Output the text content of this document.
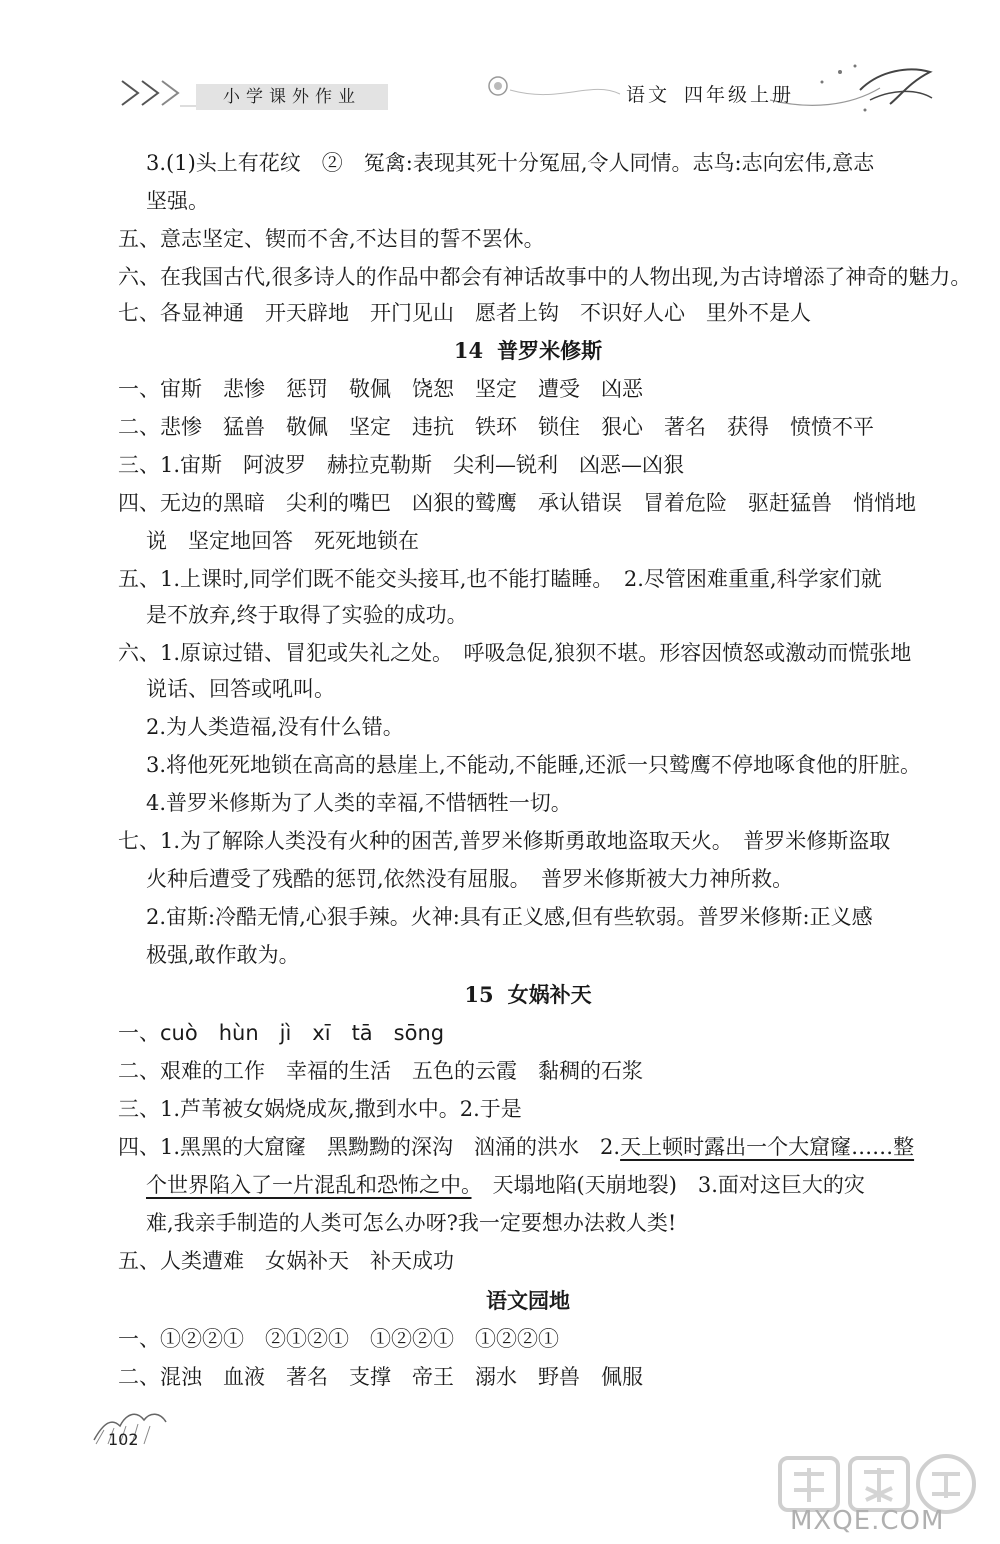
小学课外作业	语文 四年级上册
3.(1)头上有花纹　②　冤禽:表现其死十分冤屈,令人同情。志鸟:志向宏伟,意志
坚强。
五、意志坚定、锲而不舍,不达目的誓不罢休。
六、在我国古代,很多诗人的作品中都会有神话故事中的人物出现,为古诗增添了神奇的魅力。
七、各显神通　开天辟地　开门见山　愿者上钩　不识好人心　里外不是人
14 普罗米修斯
一、宙斯　悲惨　惩罚　敬佩　饶恕　坚定　遭受　凶恶
二、悲惨　猛兽　敬佩　坚定　违抗　铁环　锁住　狠心　著名　获得　愤愤不平
三、1.宙斯　阿波罗　赫拉克勒斯　尖利—锐利　凶恶—凶狠
四、无边的黑暗　尖利的嘴巴　凶狠的鹫鹰　承认错误　冒着危险　驱赶猛兽　悄悄地
说　坚定地回答　死死地锁在
五、1.上课时,同学们既不能交头接耳,也不能打瞌睡。　2.尽管困难重重,科学家们就
是不放弃,终于取得了实验的成功。
六、1.原谅过错、冒犯或失礼之处。　呼吸急促,狼狈不堪。形容因愤怒或激动而慌张地
说话、回答或吼叫。
2.为人类造福,没有什么错。
3.将他死死地锁在高高的悬崖上,不能动,不能睡,还派一只鹫鹰不停地啄食他的肝脏。
4.普罗米修斯为了人类的幸福,不惜牺牲一切。
七、1.为了解除人类没有火种的困苦,普罗米修斯勇敢地盗取天火。　普罗米修斯盗取
火种后遭受了残酷的惩罚,依然没有屈服。　普罗米修斯被大力神所救。
2.宙斯:冷酷无情,心狠手辣。火神:具有正义感,但有些软弱。普罗米修斯:正义感
极强,敢作敢为。
15 女娲补天
一、cuò　hùn　jì　xī　tā　sōng
二、艰难的工作　幸福的生活　五色的云霞　黏稠的石浆
三、1.芦苇被女娲烧成灰,撒到水中。2.于是
四、1.黑黑的大窟窿　黑黝黝的深沟　汹涌的洪水　2.天上顿时露出一个大窟窿……整
个世界陷入了一片混乱和恐怖之中。　天塌地陷(天崩地裂)　3.面对这巨大的灾
难,我亲手制造的人类可怎么办呀?我一定要想办法救人类!
五、人类遭难　女娲补天　补天成功
语文园地
一、①②②①　②①②①　①②②①　①②②①
二、混浊　血液　著名　支撑　帝王　溺水　野兽　佩服
102
MXQE.COM
